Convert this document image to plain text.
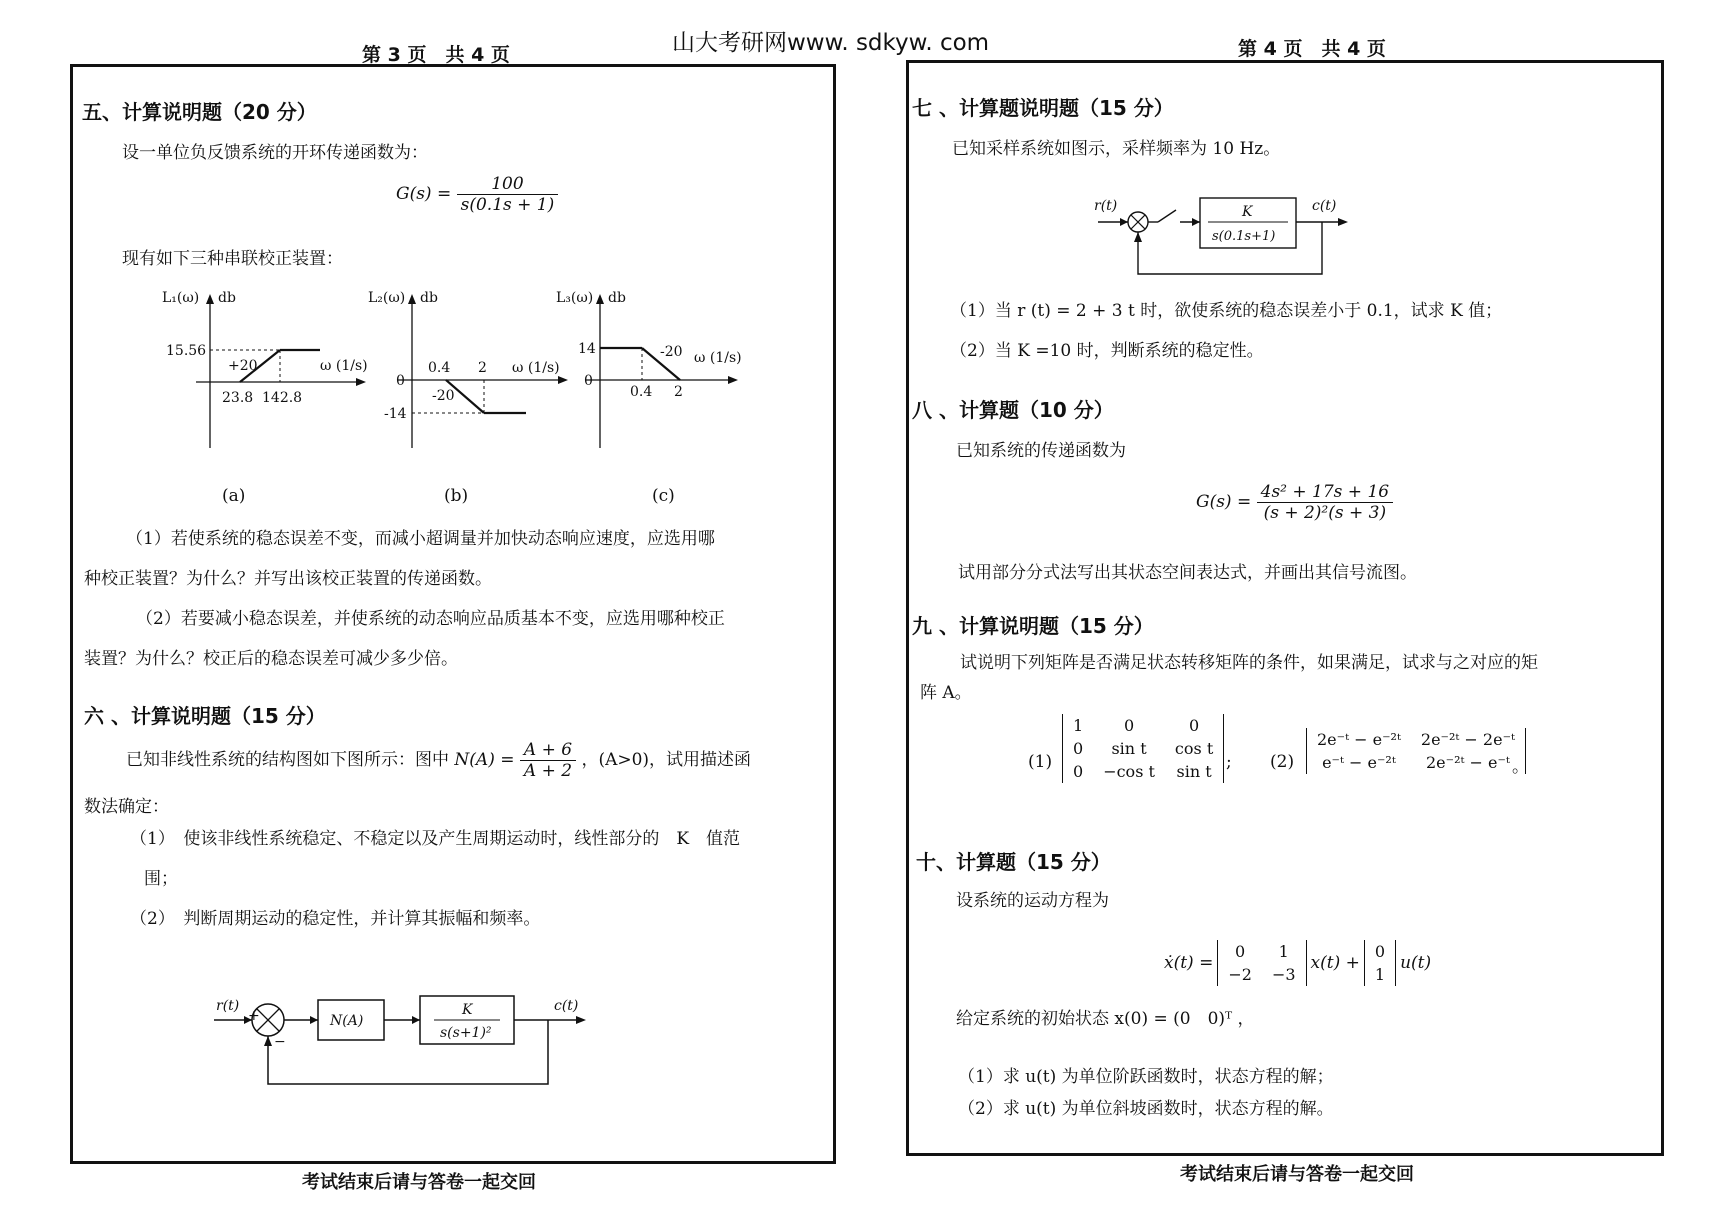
第 3 页　共 4 页	山大考研网www. sdkyw. com	第 4 页　共 4 页
考试结束后请与答卷一起交回	考试结束后请与答卷一起交回
五、计算说明题（20 分）
设一单位负反馈系统的开环传递函数为：
$G(s) = \frac{100}{s(0.1s + 1)}$
现有如下三种串联校正装置：
L₁(ω) db
15.56
+20
23.8 142.8
ω (1/s)
(a)
L₂(ω) db
0.4 2 ω (1/s)
0
-20
-14
(b)
L₃(ω) db
14	-20 ω (1/s)
0
0.4 2
(c)
（1）若使系统的稳态误差不变，而减小超调量并加快动态响应速度，应选用哪
种校正装置？为什么？并写出该校正装置的传递函数。
（2）若要减小稳态误差，并使系统的动态响应品质基本不变，应选用哪种校正
装置？为什么？校正后的稳态误差可减少多少倍。
六 、计算说明题（15 分）
已知非线性系统的结构图如下图所示：图中 $N(A) = \frac{A + 6}{A + 2}$ ，(A>0)，试用描述函
数法确定：
（1）　使该非线性系统稳定、不稳定以及产生周期运动时，线性部分的　K　值范
围；
（2）　判断周期运动的稳定性，并计算其振幅和频率。
r(t)
N(A)
K
s(s+1)²
c(t)
+
−
七 、计算题说明题（15 分）
已知采样系统如图示，采样频率为 10 Hz。
r(t)	K
s(0.1s+1)
c(t)
（1）当 r (t) = 2 + 3 t 时，欲使系统的稳态误差小于 0.1，试求 K 值；
（2）当 K =10 时，判断系统的稳定性。
八 、计算题（10 分）
已知系统的传递函数为
$G(s) = \frac{\text{4s² + 17s + 16}}{\text{(s + 2)²(s + 3)}}$
试用部分分式法写出其状态空间表达式，并画出其信号流图。
九 、计算说明题（15 分）
试说明下列矩阵是否满足状态转移矩阵的条件，如果满足，试求与之对应的矩
阵 A。
(1)
1	0	0
0	sin t	cos t
0	−cos t	sin t ; (2)
2e⁻ᵗ − e⁻²ᵗ	2e⁻²ᵗ − 2e⁻ᵗ
e⁻ᵗ − e⁻²ᵗ	2e⁻²ᵗ − e⁻ᵗ 。
十、计算题（15 分）
设系统的运动方程为
ẋ(t) =
0	1
−2	−3
x(t) +
0
1
u(t)
给定系统的初始状态 x(0) = (0　0)ᵀ ，
（1）求 u(t) 为单位阶跃函数时，状态方程的解；
（2）求 u(t) 为单位斜坡函数时，状态方程的解。
